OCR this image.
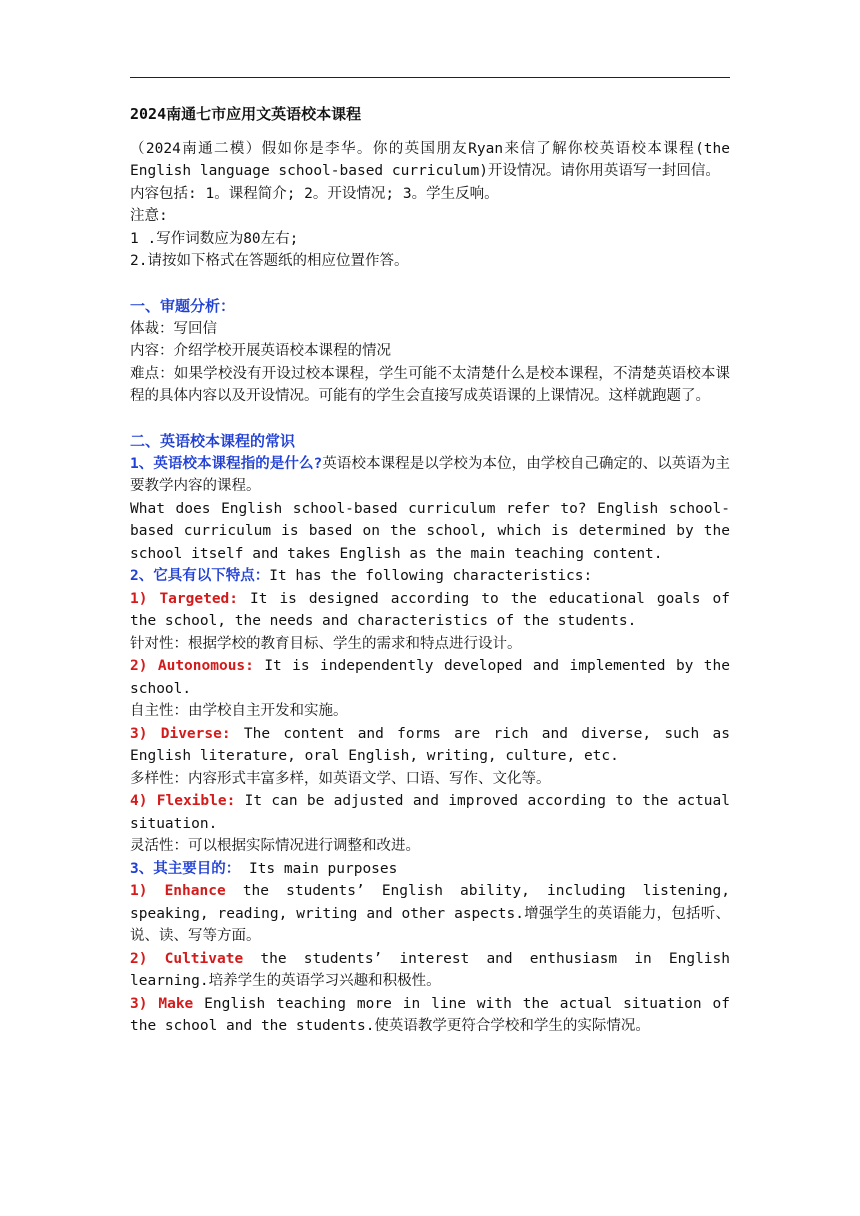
2024南通七市应用文英语校本课程

（2024南通二模）假如你是李华。你的英国朋友Ryan来信了解你校英语校本课程(the English language school-based curriculum)开设情况。请你用英语写一封回信。

内容包括: 1。课程简介; 2。开设情况; 3。学生反响。

注意:

1 .写作词数应为80左右;

2.请按如下格式在答题纸的相应位置作答。

一、审题分析：

体裁：写回信

内容：介绍学校开展英语校本课程的情况

难点：如果学校没有开设过校本课程，学生可能不太清楚什么是校本课程，不清楚英语校本课程的具体内容以及开设情况。可能有的学生会直接写成英语课的上课情况。这样就跑题了。

二、英语校本课程的常识

1、英语校本课程指的是什么?英语校本课程是以学校为本位，由学校自己确定的、以英语为主要教学内容的课程。

What does English school-based curriculum refer to? English school-based curriculum is based on the school, which is determined by the school itself and takes English as the main teaching content.

2、它具有以下特点：It has the following characteristics:

1) Targeted: It is designed according to the educational goals of the school, the needs and characteristics of the students.

针对性：根据学校的教育目标、学生的需求和特点进行设计。

2) Autonomous: It is independently developed and implemented by the school.

自主性：由学校自主开发和实施。

3) Diverse: The content and forms are rich and diverse, such as English literature, oral English, writing, culture, etc.

多样性：内容形式丰富多样，如英语文学、口语、写作、文化等。

4) Flexible: It can be adjusted and improved according to the actual situation.

灵活性：可以根据实际情况进行调整和改进。

3、其主要目的： Its main purposes

1) Enhance the students’ English ability, including listening, speaking, reading, writing and other aspects.增强学生的英语能力，包括听、说、读、写等方面。

2) Cultivate the students’ interest and enthusiasm in English learning.培养学生的英语学习兴趣和积极性。

3) Make English teaching more in line with the actual situation of the school and the students.使英语教学更符合学校和学生的实际情况。
